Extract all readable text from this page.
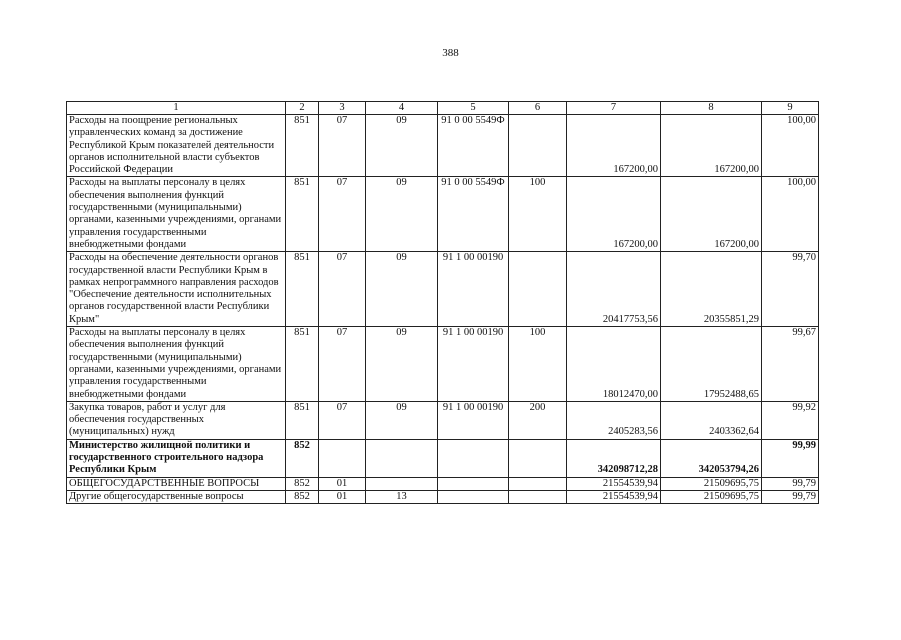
388
1	2	3	4	5	6	7	8	9
Расходы на поощрение региональных управленческих команд за достижение Республикой Крым показателей деятельности органов исполнительной власти субъектов Российской Федерации	851	07	09	91 0 00 5549Ф		167200,00	167200,00	100,00
Расходы на выплаты персоналу в целях обеспечения выполнения функций государственными (муниципальными) органами, казенными учреждениями, органами управления государственными внебюджетными фондами	851	07	09	91 0 00 5549Ф	100	167200,00	167200,00	100,00
Расходы на обеспечение деятельности органов государственной власти Республики Крым в рамках непрограммного направления расходов "Обеспечение деятельности исполнительных органов государственной власти Республики Крым"	851	07	09	91 1 00 00190		20417753,56	20355851,29	99,70
Расходы на выплаты персоналу в целях обеспечения выполнения функций государственными (муниципальными) органами, казенными учреждениями, органами управления государственными внебюджетными фондами	851	07	09	91 1 00 00190	100	18012470,00	17952488,65	99,67
Закупка товаров, работ и услуг для обеспечения государственных (муниципальных) нужд	851	07	09	91 1 00 00190	200	2405283,56	2403362,64	99,92
Министерство жилищной политики и государственного строительного надзора Республики Крым	852					342098712,28	342053794,26	99,99
ОБЩЕГОСУДАРСТВЕННЫЕ ВОПРОСЫ	852	01				21554539,94	21509695,75	99,79
Другие общегосударственные вопросы	852	01	13			21554539,94	21509695,75	99,79
